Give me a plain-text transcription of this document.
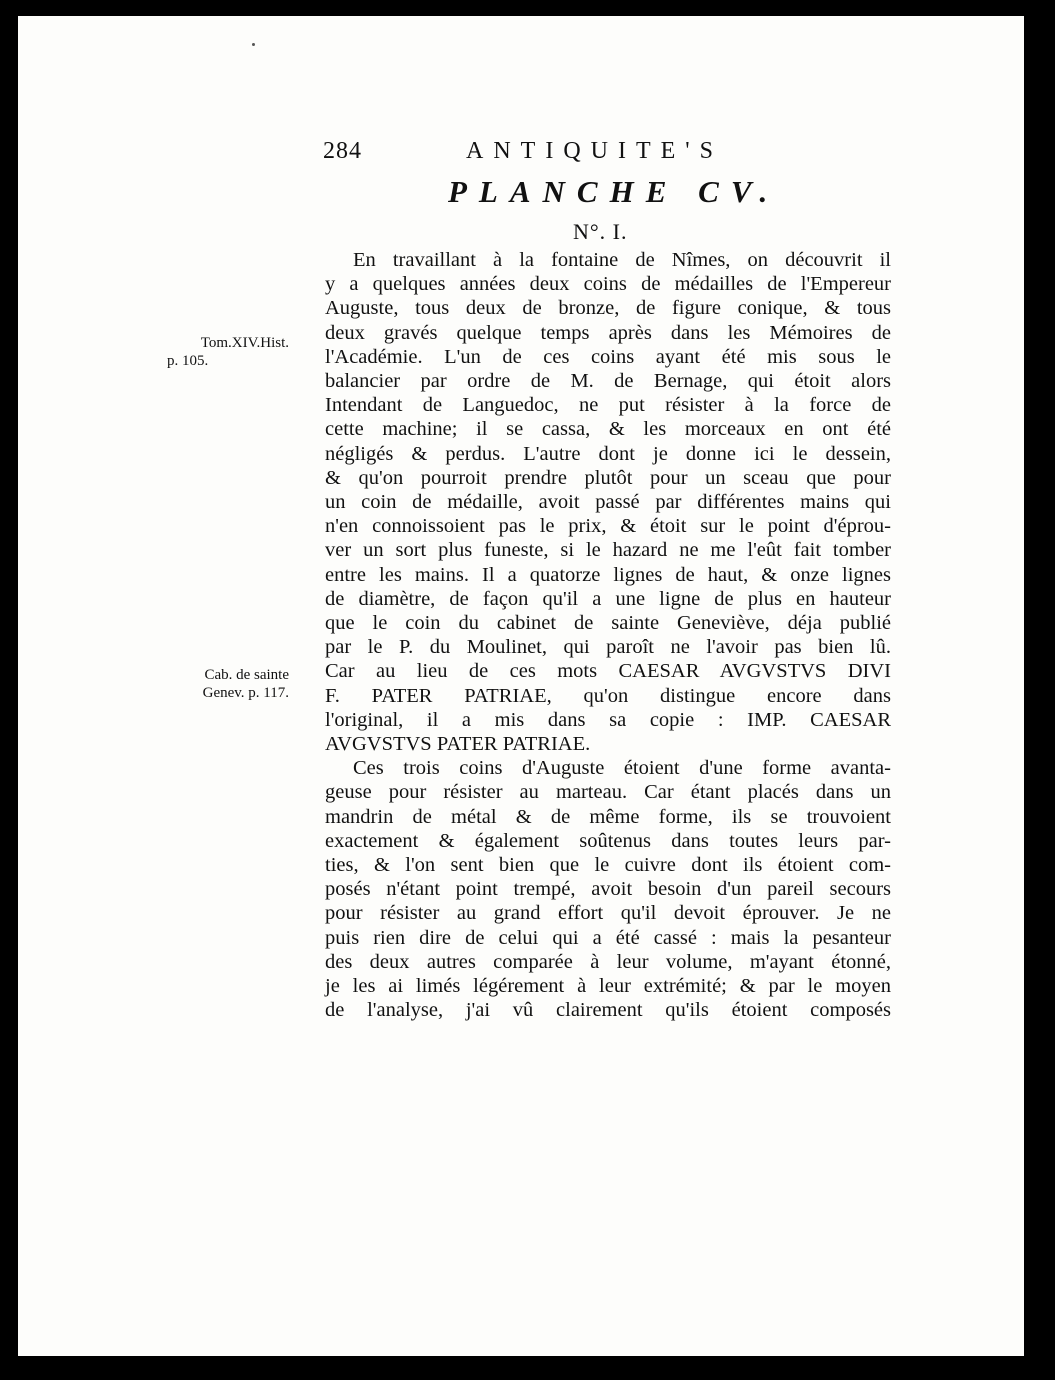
284	ANTIQUITE'S
PLANCHE CV.
N°. I.
Tom.XIV.Hist.
p. 105.
Cab. de sainte
Genev. p. 117.
En travaillant à la fontaine de Nîmes, on découvrit il
y a quelques années deux coins de médailles de l'Empereur
Auguste, tous deux de bronze, de figure conique, & tous
deux gravés quelque temps après dans les Mémoires de
l'Académie. L'un de ces coins ayant été mis sous le
balancier par ordre de M. de Bernage, qui étoit alors
Intendant de Languedoc, ne put résister à la force de
cette machine; il se cassa, & les morceaux en ont été
négligés & perdus. L'autre dont je donne ici le dessein,
& qu'on pourroit prendre plutôt pour un sceau que pour
un coin de médaille, avoit passé par différentes mains qui
n'en connoissoient pas le prix, & étoit sur le point d'éprou-
ver un sort plus funeste, si le hazard ne me l'eût fait tomber
entre les mains. Il a quatorze lignes de haut, & onze lignes
de diamètre, de façon qu'il a une ligne de plus en hauteur
que le coin du cabinet de sainte Geneviève, déja publié
par le P. du Moulinet, qui paroît ne l'avoir pas bien lû.
Car au lieu de ces mots CAESAR AVGVSTVS DIVI
F. PATER PATRIAE, qu'on distingue encore dans
l'original, il a mis dans sa copie : IMP. CAESAR
AVGVSTVS PATER PATRIAE.
Ces trois coins d'Auguste étoient d'une forme avanta-
geuse pour résister au marteau. Car étant placés dans un
mandrin de métal & de même forme, ils se trouvoient
exactement & également soûtenus dans toutes leurs par-
ties, & l'on sent bien que le cuivre dont ils étoient com-
posés n'étant point trempé, avoit besoin d'un pareil secours
pour résister au grand effort qu'il devoit éprouver. Je ne
puis rien dire de celui qui a été cassé : mais la pesanteur
des deux autres comparée à leur volume, m'ayant étonné,
je les ai limés légérement à leur extrémité; & par le moyen
de l'analyse, j'ai vû clairement qu'ils étoient composés
